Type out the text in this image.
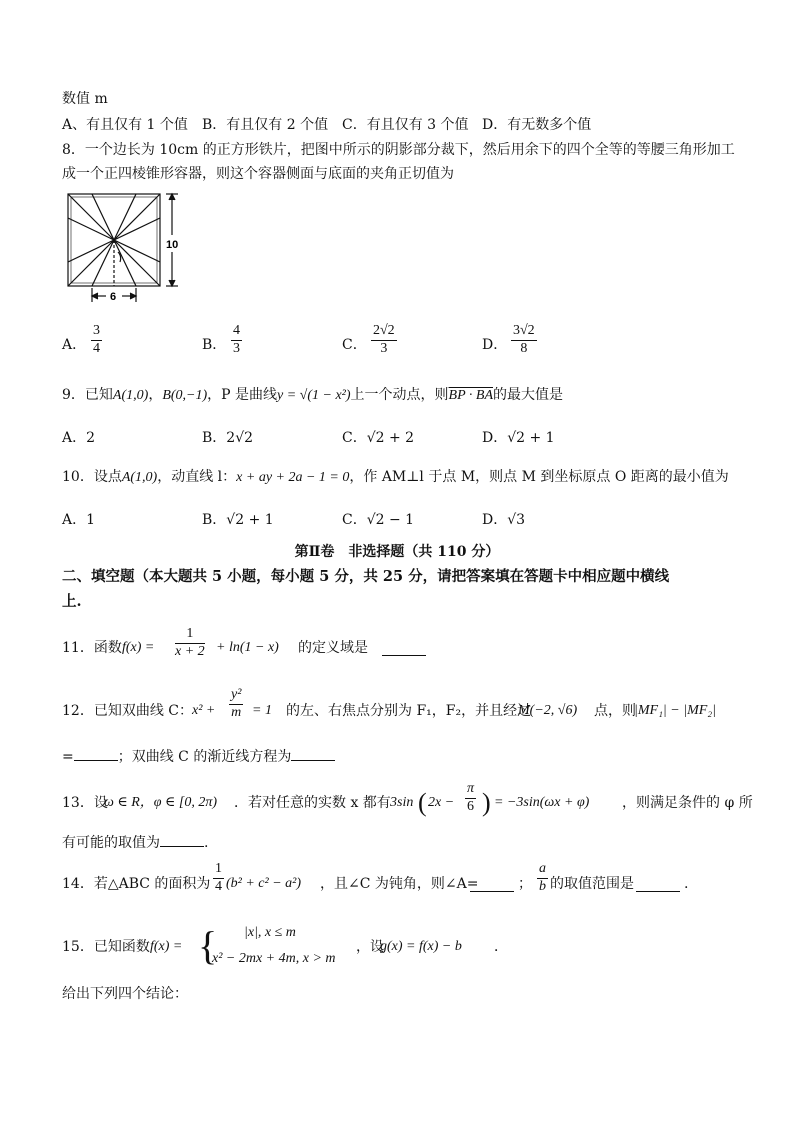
数值 m
A、有且仅有 1 个值 B．有且仅有 2 个值 C．有且仅有 3 个值 D．有无数多个值
8．一个边长为 10cm 的正方形铁片，把图中所示的阴影部分裁下，然后用余下的四个全等的等腰三角形加工
成一个正四棱锥形容器，则这个容器侧面与底面的夹角正切值为
10
6
A． $\frac{3}{4}$	B． $\frac{4}{3}$	C． $\frac{2√2}{3}$	D． $\frac{3√2}{8}$
9．已知A(1,0)，B(0,−1)，P 是曲线y = √(1 − x²)上一个动点，则BP · BA的最大值是
A．2	B．2√2	C．√2 + 2	D．√2 + 1
10．设点A(1,0)，动直线 l：x + ay + 2a − 1 = 0，作 AM⊥l 于点 M，则点 M 到坐标原点 O 距离的最小值为
A．1	B．√2 + 1	C．√2 − 1	D．√3
第Ⅱ卷　非选择题（共 110 分）
二、填空题（本大题共 5 小题，每小题 5 分，共 25 分，请把答案填在答题卡中相应题中横线
上.
11．函数 $f(x) = \frac{1}{x + 2} + \ln(1 - x)$ 的定义域是
12．已知双曲线 C： $x^2 + \frac{\text{y²}}{m} = 1$ 的左、右焦点分别为 F₁，F₂，并且经过
M(−2, √6) 点，则
|MF₁| − |MF₂|
=	；双曲线 C 的渐近线方程为
13．设
ω ∈ R，φ ∈ [0, 2π) ．若对任意的实数 x 都有 3sin ( $2x - \frac{\pi}{6}$ ) = −3sin(ωx + φ) ，则满足条件的 φ 所
有可能的取值为	.
14．若△ABC 的面积为 $\frac{1}{4} (b^2 + c^2 - a^2)$ ，且∠C 为钝角，则∠A=	； $\frac{a}{b}$ 的取值范围是	.
15．已知函数 f(x) = { |x|, x ≤ m
x² − 2mx + 4m, x > m
，设
g(x) = f(x) − b ．
给出下列四个结论：
